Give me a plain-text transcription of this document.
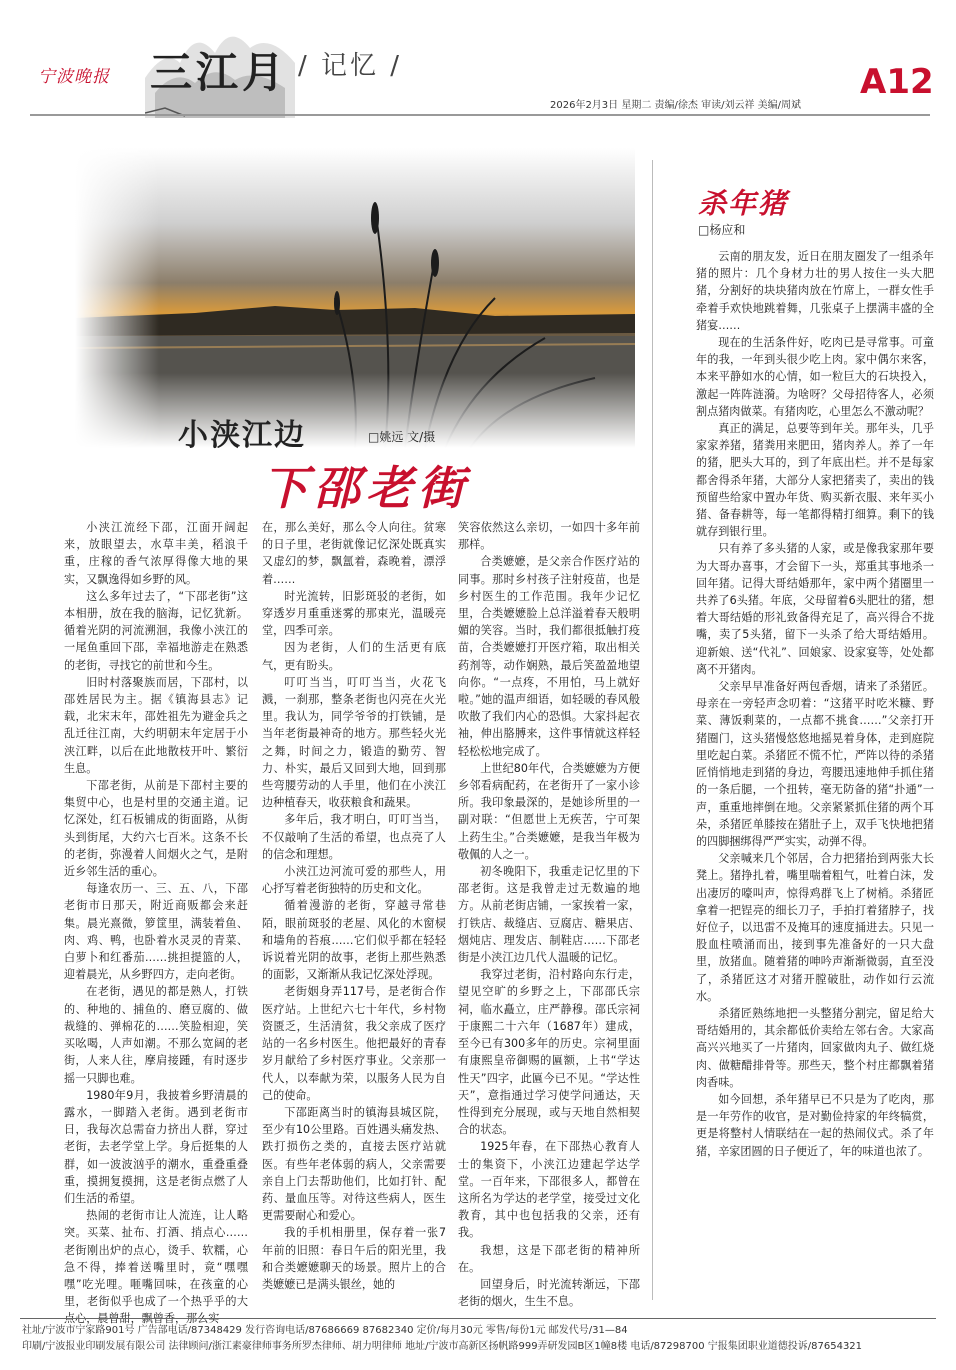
宁波晚报 三江月 / 记忆 /	A12
2026年2月3日 星期二 责编/徐杰 审读/刘云祥 美编/周斌
小浃江边	□姚远 文/摄
下邵老街

小浃江流经下邵，江面开阔起来，放眼望去，水草丰美，稻浪千重，庄稼的香气浓厚得像大地的果实，又飘逸得如乡野的风。

这么多年过去了，“下邵老街”这本相册，放在我的脑海，记忆犹新。循着光阴的河流溯洄，我像小浃江的一尾鱼重回下邵，幸福地游走在熟悉的老街，寻找它的前世和今生。

旧时村落聚族而居，下邵村，以邵姓居民为主。据《镇海县志》记载，北宋末年，邵姓祖先为避金兵之乱迁往江南，大约明朝末年定居于小浃江畔，以后在此地散枝开叶、繁衍生息。

下邵老街，从前是下邵村主要的集贸中心，也是村里的交通主道。记忆深处，红石板铺成的街面路，从街头到街尾，大约六七百米。这条不长的老街，弥漫着人间烟火之气，是附近乡邻生活的重心。

每逢农历一、三、五、八，下邵老街市日那天，附近商贩都会来赶集。晨光熹微，箩筐里，满装着鱼、肉、鸡、鸭，也卧着水灵灵的青菜、白萝卜和红番茄……挑担提篮的人，迎着晨光，从乡野四方，走向老街。

在老街，遇见的都是熟人，打铁的、种地的、捕鱼的、磨豆腐的、做裁缝的、弹棉花的……笑脸相迎，笑买吆喝，人声如潮。不那么宽阔的老街，人来人往，摩肩接踵，有时逐步摇一只脚也难。

1980年9月，我披着乡野清晨的露水，一脚踏入老街。遇到老街市日，我每次总需奋力挤出人群，穿过老街，去老学堂上学。身后挺集的人群，如一波波汹乎的潮水，重叠重叠重，摸拥复摸拥，这是老街点燃了人们生活的希望。

热闹的老街市让人流连，让人略突。买菜、扯布、打酒、捎点心……老街刚出炉的点心，烫手、软糯，心急不得，捧着送嘴里时，竟“嘿嘿嘿”吃光哩。咂嘴回味，在孩童的心里，老街似乎也成了一个热乎乎的大

在，那么美好，那么令人向往。贫寒的日子里，老街就像记忆深处既真实又虚幻的梦，飘氲着，森晚着，漂浮着……

时光流转，旧影斑驳的老街，如穿透岁月重重迷雾的那束光，温暖亮堂，四季可亲。

因为老街，人们的生活更有底气，更有盼头。

叮叮当当，叮叮当当，火花飞溅，一刹那，整条老街也闪亮在火光里。我认为，同学爷爷的打铁铺，是当年老街最神奇的地方。那些轻火光之舞，时间之力，锻造的勤劳、智力、朴实，最后又回到大地，回到那些弯腰劳动的人手里，他们在小浃江边种植春天，收获粮食和蔬果。

多年后，我才明白，叮叮当当，不仅敲响了生活的希望，也点亮了人的信念和理想。

小浃江边河流可爱的那些人，用心抒写着老街独特的历史和文化。

循着漫游的老街，穿越寻常巷陌，眼前斑驳的老屋、风化的木窗棂和墙角的苔痕……它们似乎都在轻轻诉说着光阴的故事，老街上那些熟悉的面影，又渐渐从我记忆深处浮现。

老街姻身弄117号，是老街合作医疗站。上世纪六七十年代，乡村物资匮乏，生活清贫，我父亲成了医疗站的一名乡村医生。他把最好的青春岁月献给了乡村医疗事业。父亲那一代人，以奉献为荣，以服务人民为自己的使命。

下邵距离当时的镇海县城区院，至少有10公里路。百姓遇头痛发热、跌打损伤之类的，直接去医疗站就医。有些年老体弱的病人，父亲需要亲自上门去帮助他们，比如打针、配药、量血压等。对待这些病人，医生更需要耐心和爱心。

我的手机相册里，保存着一张7年前的旧照：春日午后的阳光里，我和合类嬷嬷聊天的场景。照片上的合类嬷嬷已是满头银丝，她的

笑容依然这么亲切，一如四十多年前那样。

合类嬷嬷，是父亲合作医疗站的同事。那时乡村孩子注射疫苗，也是乡村医生的工作范围。我年少记忆里，合类嬷嬷脸上总洋溢着春天般明媚的笑容。当时，我们都很抵触打疫苗，合类嬷嬷打开医疗箱，取出相关药剂等，动作娴熟，最后笑盈盈地望向你。“一点疼，不用怕，马上就好啦。”她的温声细语，如轻暖的春风般吹散了我们内心的恐惧。大家抖起衣袖，伸出胳膊来，这件事情就这样轻轻松松地完成了。

上世纪80年代，合类嬷嬷为方便乡邻看病配药，在老街开了一家小诊所。我印象最深的，是她诊所里的一副对联：“但愿世上无疾苦，宁可架上药生尘。”合类嬷嬷，是我当年极为敬佩的人之一。

初冬晚阳下，我重走记忆里的下邵老街。这是我曾走过无数遍的地方。从前老街店铺，一家挨着一家，打铁店、裁缝店、豆腐店、糖果店、烟炖店、理发店、制鞋店……下邵老街是小浃江边几代人温暖的记忆。

我穿过老街，沿村路向东行走，望见空旷的乡野之上，下邵邵氏宗祠，临水矗立，庄严静穆。邵氏宗祠于康熙二十六年（1687年）建成，至今已有300多年的历史。宗祠里面有康熙皇帝御赐的匾额，上书“学达性天”四字，此匾今已不见。“学达性天”，意指通过学习使学问通达，天性得到充分展现，或与天地自然相契合的状态。

1925年春，在下邵热心教育人士的集资下，小浃江边建起学达学堂。一百年来，下邵很多人，都曾在这所名为学达的老学堂，接受过文化教育，其中也包括我的父亲，还有我。

我想，这是下邵老街的精神所在。

回望身后，时光流转渐远，下邵老街的烟火，生生不息。

杀年猪
□杨应和

云南的朋友发，近日在朋友圈发了一组杀年猪的照片：几个身材力壮的男人按住一头大肥猪，分割好的块块猪肉放在竹席上，一群女性手牵着手欢快地跳着舞，几张桌子上摆满丰盛的全猪宴……

现在的生活条件好，吃肉已是寻常事。可童年的我，一年到头很少吃上肉。家中偶尔来客，本来平静如水的心情，如一粒巨大的石块投入，激起一阵阵涟漪。为啥呀？父母招待客人，必须割点猪肉做菜。有猪肉吃，心里怎么不激动呢？

真正的满足，总要等到年关。那年头，几乎家家养猪，猪粪用来肥田，猪肉养人。养了一年的猪，肥头大耳的，到了年底出栏。并不是每家都舍得杀年猪，大部分人家把猪卖了，卖出的钱预留些给家中置办年货、购买新衣服、来年买小猪、备春耕等，每一笔都得精打细算。剩下的钱就存到银行里。

只有养了多头猪的人家，或是像我家那年要为大哥办喜事，才会留下一头，郑重其事地杀一回年猪。记得大哥结婚那年，家中两个猪圈里一共养了6头猪。年底，父母留着6头肥壮的猪，想着大哥结婚的形礼致备得充足了，高兴得合不拢嘴，卖了5头猪，留下一头杀了给大哥结婚用。迎新娘、送“代礼”、回娘家、设家宴等，处处都离不开猪肉。

父亲早早准备好两包香烟，请来了杀猪匠。母亲在一旁轻声念叨着：“这猪平时吃米糠、野菜、薄饭剩菜的，一点都不挑食……”父亲打开猪圈门，这头猪慢悠悠地摇晃着身体，走到庭院里吃起白菜。杀猪匠不慌不忙，严阵以待的杀猪匠悄悄地走到猪的身边，弯腰迅速地伸手抓住猪的一条后腿，一个扭转，毫无防备的猪“扑通”一声，重重地摔倒在地。父亲紧紧抓住猪的两个耳朵，杀猪匠单膝按在猪肚子上，双手飞快地把猪的四脚捆绑得严严实实，动弹不得。

父亲喊来几个邻居，合力把猪抬到两张大长凳上。猪挣扎着，嘴里喘着粗气，吐着白沫，发出凄厉的嚎叫声，惊得鸡群飞上了树梢。杀猪匠拿着一把锃亮的细长刀子，手拍打着猪脖子，找好位子，以迅雷不及掩耳的速度捅进去。只见一股血柱喷涌而出，接到事先准备好的一只大盘里，放猪血。随着猪的呻吟声渐渐微弱，直至没了，杀猪匠这才对猪开膛破肚，动作如行云流水。

杀猪匠熟练地把一头整猪分割完，留足给大哥结婚用的，其余都低价卖给左邻右舍。大家高高兴兴地买了一片猪肉，回家做肉丸子、做红烧肉、做糖醋排骨等。那些天，整个村庄都飘着猪肉香味。

如今回想，杀年猪早已不只是为了吃肉，那是一年劳作的收官，是对勤俭持家的年终犒赏，更是将整村人情联结在一起的热闹仪式。杀了年猪，辛家团圆的日子便近了，年的味道也浓了。

社址/宁波市宁家路901号 广告部电话/87348429 发行咨询电话/87686669 87682340 定价/每月30元 零售/每份1元 邮发代号/31—84
印刷/宁波报业印刷发展有限公司 法律顾问/浙江素豪律师事务所罗杰律师、胡力明律师 地址/宁波市高新区扬帆路999弄研发园B区1幢8楼 电话/87298700 宁报集团职业道德投诉/87654321
